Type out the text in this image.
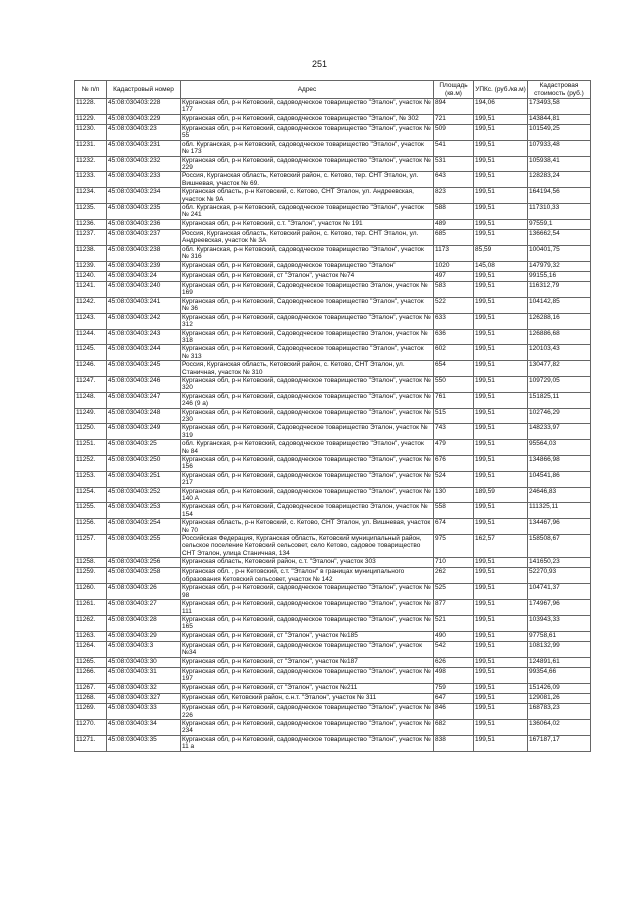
251
№ п/п	Кадастровый номер	Адрес	Площадь (кв.м)	УПКс. (руб./кв.м)	Кадастровая стоимость (руб.)
11228.	45:08:030403:228	Курганская обл, р-н Кетовский, садоводческое товарищество "Эталон", участок № 177	894	194,06	173493,58
11229.	45:08:030403:229	Курганская обл, р-н Кетовский, садоводческое товарищество "Эталон", № 302	721	199,51	143844,81
11230.	45:08:030403:23	Курганская обл, р-н Кетовский, садоводческое товарищество "Эталон", участок № 55	509	199,51	101549,25
11231.	45:08:030403:231	обл. Курганская, р-н Кетовский, садоводческое товарищество "Эталон", участок № 173	541	199,51	107933,48
11232.	45:08:030403:232	Курганская обл, р-н Кетовский, садоводческое товарищество "Эталон", участок № 229	531	199,51	105938,41
11233.	45:08:030403:233	Россия, Курганская область, Кетовский район, с. Кетово, тер. СНТ Эталон, ул. Вишневая, участок № 69.	643	199,51	128283,24
11234.	45:08:030403:234	Курганская область, р-н Кетовский, с. Кетово, СНТ Эталон, ул. Андреевская, участок № 9А	823	199,51	164194,56
11235.	45:08:030403:235	обл. Курганская, р-н Кетовский, садоводческое товарищество "Эталон", участок № 241	588	199,51	117310,33
11236.	45:08:030403:236	Курганская обл, р-н Кетовский, с.т. "Эталон", участок № 191	489	199,51	97559,1
11237.	45:08:030403:237	Россия, Курганская область, Кетовский район, с. Кетово, тер. СНТ Эталон, ул. Андреевская, участок № 3А	685	199,51	136662,54
11238.	45:08:030403:238	обл. Курганская, р-н Кетовский, садоводческое товарищество "Эталон", участок № 316	1173	85,59	100401,75
11239.	45:08:030403:239	Курганская обл, р-н Кетовский, садоводческое товарищество "Эталон"	1020	145,08	147979,32
11240.	45:08:030403:24	Курганская обл, р-н Кетовский, ст "Эталон", участок №74	497	199,51	99155,16
11241.	45:08:030403:240	Курганская обл, р-н Кетовский, Садоводческое товарищество Эталон, участок № 169	583	199,51	116312,79
11242.	45:08:030403:241	Курганская обл, р-н Кетовский, Садоводческое товарищество "Эталон", участок № 36	522	199,51	104142,85
11243.	45:08:030403:242	Курганская обл, р-н Кетовский, садоводческое товарищество "Эталон", участок № 312	633	199,51	126288,16
11244.	45:08:030403:243	Курганская обл, р-н Кетовский, Садоводческое товарищество Эталон, участок № 318	636	199,51	126886,68
11245.	45:08:030403:244	Курганская обл, р-н Кетовский, Садоводческое товарищество "Эталон", участок № 313	602	199,51	120103,43
11246.	45:08:030403:245	Россия, Курганская область, Кетовский район, с. Кетово, СНТ Эталон, ул. Станичная, участок № 310	654	199,51	130477,82
11247.	45:08:030403:246	Курганская обл, р-н Кетовский, садоводческое товарищество "Эталон", участок № 320	550	199,51	109729,05
11248.	45:08:030403:247	Курганская обл, р-н Кетовский, садоводческое товарищество "Эталон", участок № 246 (9 а)	761	199,51	151825,11
11249.	45:08:030403:248	Курганская обл, р-н Кетовский, садоводческое товарищество "Эталон", участок № 230	515	199,51	102746,29
11250.	45:08:030403:249	Курганская обл, р-н Кетовский, Садоводческое товарищество Эталон, участок № 319	743	199,51	148233,97
11251.	45:08:030403:25	обл. Курганская, р-н Кетовский, садоводческое товарищество "Эталон", участок № 84	479	199,51	95564,03
11252.	45:08:030403:250	Курганская обл, р-н Кетовский, садоводческое товарищество "Эталон", участок № 156	676	199,51	134866,98
11253.	45:08:030403:251	Курганская обл, р-н Кетовский, садоводческое товарищество "Эталон", участок № 217	524	199,51	104541,86
11254.	45:08:030403:252	Курганская обл, р-н Кетовский, садоводческое товарищество "Эталон", участок № 140 А	130	189,59	24646,83
11255.	45:08:030403:253	Курганская обл, р-н Кетовский, Садоводческое товарищество Эталон, участок № 154	558	199,51	111325,11
11256.	45:08:030403:254	Курганская область, р-н Кетовский, с. Кетово, СНТ Эталон, ул. Вишневая, участок № 70	674	199,51	134467,96
11257.	45:08:030403:255	Российская Федерация, Курганская область, Кетовский муниципальный район, сельское поселение Кетовский сельсовет, село Кетово, садовое товарищество СНТ Эталон, улица Станичная, 134	975	162,57	158508,67
11258.	45:08:030403:256	Курганская область, Кетовский район, с.т. "Эталон", участок 303	710	199,51	141650,23
11259.	45:08:030403:258	Курганская обл. , р-н Кетовский, с.т. "Эталон" в границах муниципального образования Кетовский сельсовет, участок № 142	262	199,51	52270,93
11260.	45:08:030403:26	Курганская обл, р-н Кетовский, садоводческое товарищество "Эталон", участок № 98	525	199,51	104741,37
11261.	45:08:030403:27	Курганская обл, р-н Кетовский, садоводческое товарищество "Эталон", участок № 111	877	199,51	174967,96
11262.	45:08:030403:28	Курганская обл, р-н Кетовский, садоводческое товарищество "Эталон", участок № 165	521	199,51	103943,33
11263.	45:08:030403:29	Курганская обл, р-н Кетовский, ст "Эталон", участок №185	490	199,51	97758,61
11264.	45:08:030403:3	Курганская обл, р-н Кетовский, садоводческое товарищество "Эталон", участок №34	542	199,51	108132,99
11265.	45:08:030403:30	Курганская обл, р-н Кетовский, ст "Эталон", участок №187	626	199,51	124891,61
11266.	45:08:030403:31	Курганская обл, р-н Кетовский, садоводческое товарищество "Эталон", участок № 197	498	199,51	99354,66
11267.	45:08:030403:32	Курганская обл, р-н Кетовский, ст "Эталон", участок №211	759	199,51	151426,09
11268.	45:08:030403:327	Курганская обл, Кетовский район, с.н.т. "Эталон", участок № 311	647	199,51	129081,26
11269.	45:08:030403:33	Курганская обл, р-н Кетовский, садоводческое товарищество "Эталон", участок № 226	846	199,51	168783,23
11270.	45:08:030403:34	Курганская обл, р-н Кетовский, садоводческое товарищество "Эталон", участок № 234	682	199,51	136064,02
11271.	45:08:030403:35	Курганская обл, р-н Кетовский, садоводческое товарищество "Эталон", участок № 11 а	838	199,51	167187,17
